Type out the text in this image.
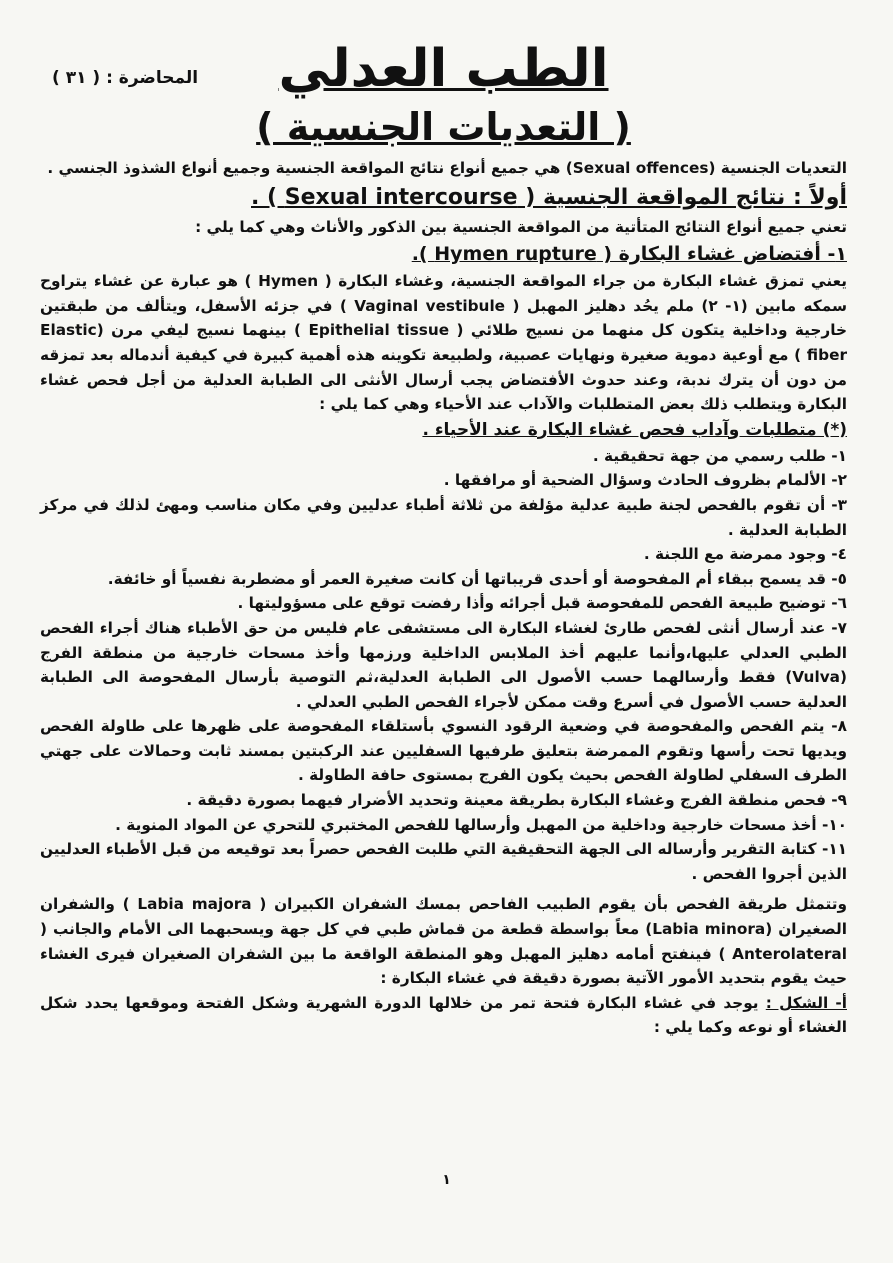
المحاضرة : ( ٣١ )	الطب العدلي
( التعديات الجنسية )

التعديات الجنسية (Sexual offences) هي جميع أنواع نتائج المواقعة الجنسية وجميع أنواع الشذوذ الجنسي .

أولاً : نتائج المواقعة الجنسية ( Sexual intercourse ) .

تعني جميع أنواع النتائج المتأتية من المواقعة الجنسية بين الذكور والأناث وهي كما يلي :

١- أفتضاض غشاء البكارة ( Hymen rupture ).

يعني تمزق غشاء البكارة من جراء المواقعة الجنسية، وغشاء البكارة ( Hymen ) هو عبارة عن غشاء يتراوح سمكه مابين (١- ٢) ملم يحُد دهليز المهبل ( Vaginal vestibule ) في جزئه الأسفل، ويتألف من طبقتين خارجية وداخلية يتكون كل منهما من نسيج طلائي ( Epithelial tissue ) بينهما نسيج ليفي مرن (Elastic fiber ) مع أوعية دموية صغيرة ونهايات عصبية، ولطبيعة تكوينه هذه أهمية كبيرة في كيفية أندماله بعد تمزقه من دون أن يترك ندبة، وعند حدوث الأفتضاض يجب أرسال الأنثى الى الطبابة العدلية من أجل فحص غشاء البكارة ويتطلب ذلك بعض المتطلبات والآداب عند الأحياء وهي كما يلي :

(*) متطلبات وآداب فحص غشاء البكارة عند الأحياء .

١- طلب رسمي من جهة تحقيقية .

٢- الألمام بظروف الحادث وسؤال الضحية أو مرافقها .

٣- أن تقوم بالفحص لجنة طبية عدلية مؤلفة من ثلاثة أطباء عدليين وفي مكان مناسب ومهئ لذلك في مركز الطبابة العدلية .

٤- وجود ممرضة مع اللجنة .

٥- قد يسمح ببقاء أم المفحوصة أو أحدى قريباتها أن كانت صغيرة العمر أو مضطربة نفسياً أو خائفة.

٦- توضيح طبيعة الفحص للمفحوصة قبل أجرائه وأذا رفضت توقع على مسؤوليتها .

٧- عند أرسال أنثى لفحص طارئ لغشاء البكارة الى مستشفى عام فليس من حق الأطباء هناك أجراء الفحص الطبي العدلي عليها،وأنما عليهم أخذ الملابس الداخلية ورزمها وأخذ مسحات خارجية من منطقة الفرج (Vulva) فقط وأرسالهما حسب الأصول الى الطبابة العدلية،ثم التوصية بأرسال المفحوصة الى الطبابة العدلية حسب الأصول في أسرع وقت ممكن لأجراء الفحص الطبي العدلي .

٨- يتم الفحص والمفحوصة في وضعية الرقود النسوي بأستلقاء المفحوصة على ظهرها على طاولة الفحص ويديها تحت رأسها وتقوم الممرضة بتعليق طرفيها السفليين عند الركبتين بمسند ثابت وحمالات على جهتي الطرف السفلي لطاولة الفحص بحيث يكون الفرج بمستوى حافة الطاولة .

٩- فحص منطقة الفرج وغشاء البكارة بطريقة معينة وتحديد الأضرار فيهما بصورة دقيقة .

١٠- أخذ مسحات خارجية وداخلية من المهبل وأرسالها للفحص المختبري للتحري عن المواد المنوية .

١١- كتابة التقرير وأرساله الى الجهة التحقيقية التي طلبت الفحص حصراً بعد توقيعه من قبل الأطباء العدليين الذين أجروا الفحص .

وتتمثل طريقة الفحص بأن يقوم الطبيب الفاحص بمسك الشفران الكبيران ( Labia majora ) والشفران الصغيران (Labia minora) معاً بواسطة قطعة من قماش طبي في كل جهة ويسحبهما الى الأمام والجانب ( Anterolateral ) فينفتح أمامه دهليز المهبل وهو المنطقة الواقعة ما بين الشفران الصغيران فيرى الغشاء حيث يقوم بتحديد الأمور الآتية بصورة دقيقة في غشاء البكارة :

أ- الشكل : يوجد في غشاء البكارة فتحة تمر من خلالها الدورة الشهرية وشكل الفتحة وموقعها يحدد شكل الغشاء أو نوعه وكما يلي :

١
